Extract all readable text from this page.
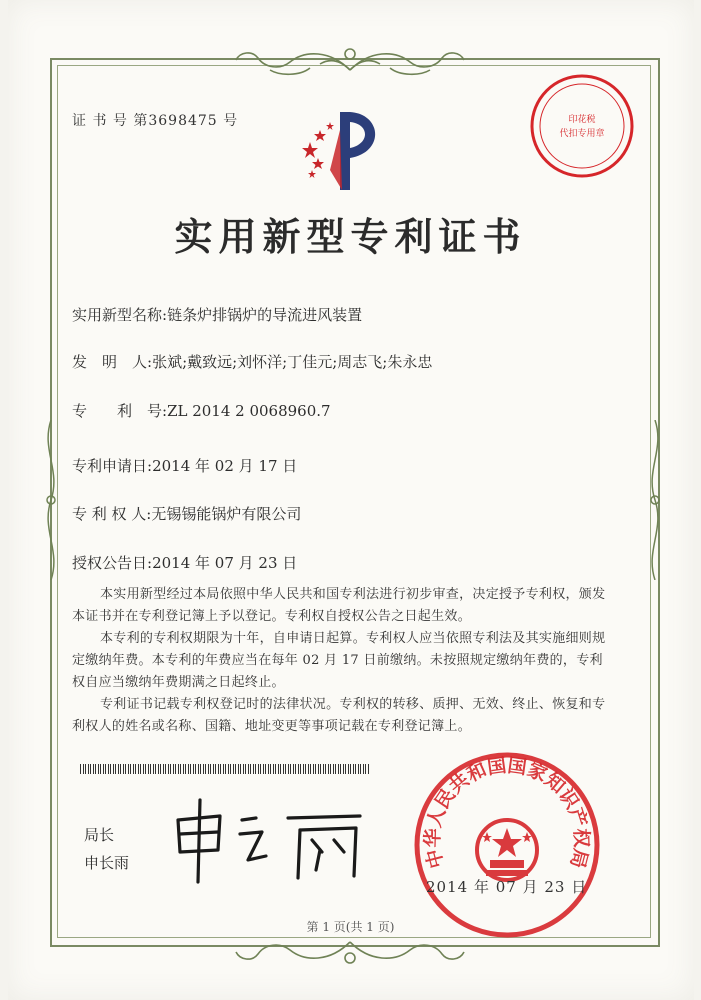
证 书 号 第3698475 号
实用新型专利证书
实用新型名称:链条炉排锅炉的导流进风装置
发　明　人:张斌;戴致远;刘怀洋;丁佳元;周志飞;朱永忠
专　　利　号:ZL 2014 2 0068960.7
专利申请日:2014 年 02 月 17 日
专 利 权 人:无锡锡能锅炉有限公司
授权公告日:2014 年 07 月 23 日

本实用新型经过本局依照中华人民共和国专利法进行初步审查，决定授予专利权，颁发本证书并在专利登记簿上予以登记。专利权自授权公告之日起生效。

本专利的专利权期限为十年，自申请日起算。专利权人应当依照专利法及其实施细则规定缴纳年费。本专利的年费应当在每年 02 月 17 日前缴纳。未按照规定缴纳年费的，专利权自应当缴纳年费期满之日起终止。

专利证书记载专利权登记时的法律状况。专利权的转移、质押、无效、终止、恢复和专利权人的姓名或名称、国籍、地址变更等事项记载在专利登记簿上。

局长
申长雨	中华人民共和国国家知识产权局
2014 年 07 月 23 日
印花税
代扣专用章
第 1 页(共 1 页)
